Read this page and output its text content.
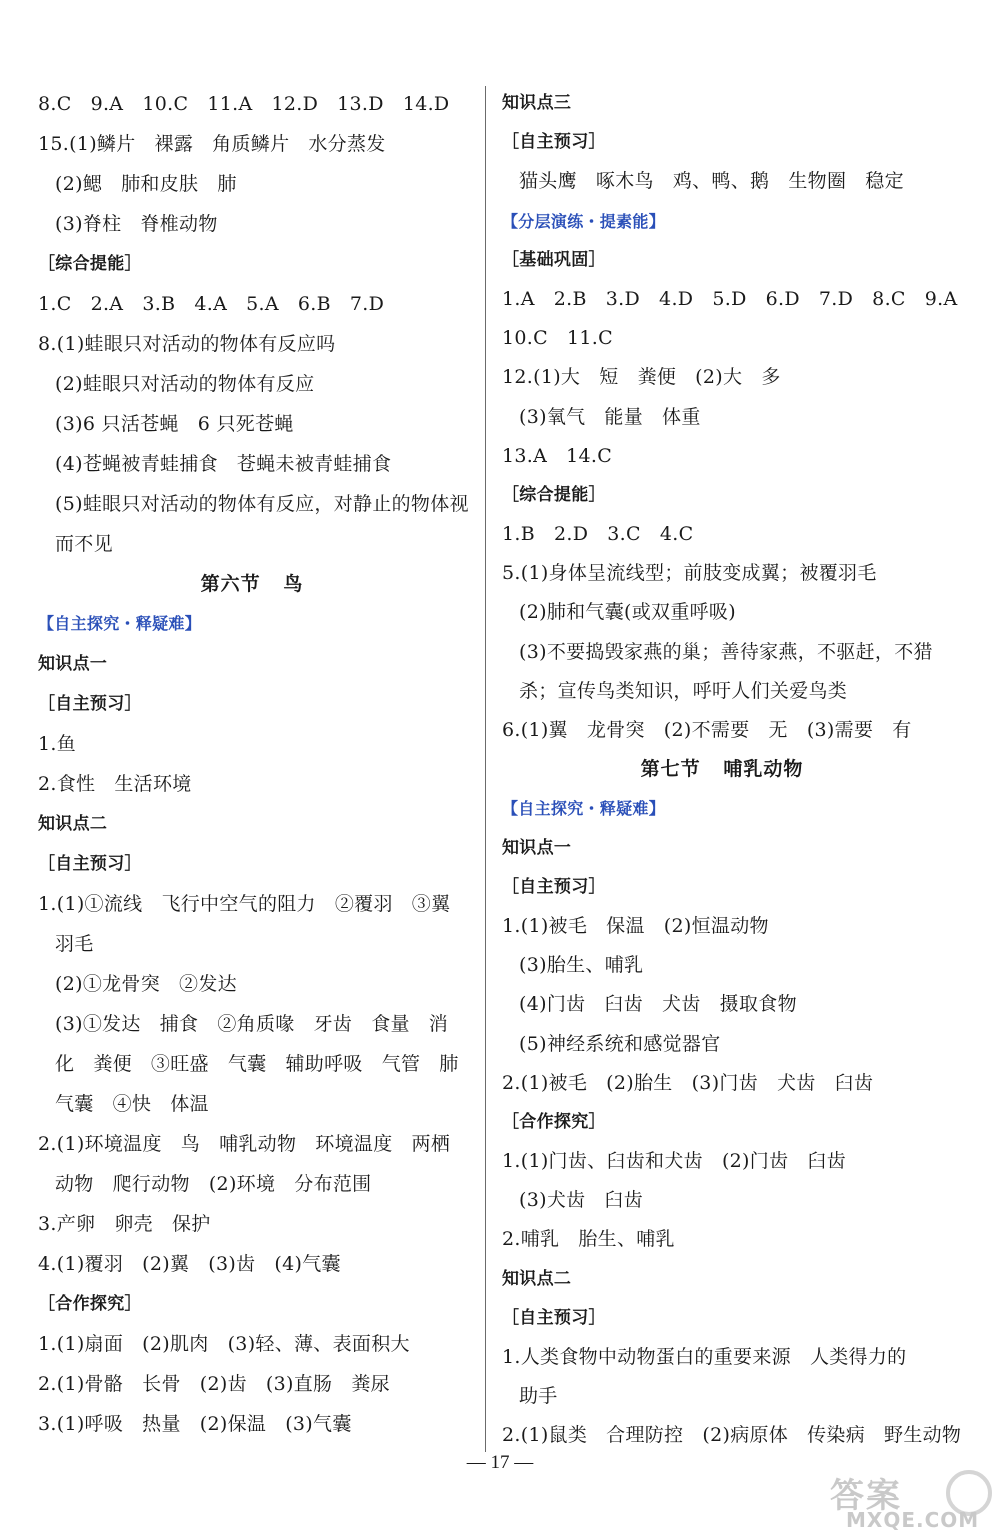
8.C   9.A   10.C   11.A   12.D   13.D   14.D
15.(1)鳞片   裸露   角质鳞片   水分蒸发
(2)鳃   肺和皮肤   肺
(3)脊柱   脊椎动物
［综合提能］
1.C   2.A   3.B   4.A   5.A   6.B   7.D
8.(1)蛙眼只对活动的物体有反应吗
(2)蛙眼只对活动的物体有反应
(3)6 只活苍蝇   6 只死苍蝇
(4)苍蝇被青蛙捕食   苍蝇未被青蛙捕食
(5)蛙眼只对活动的物体有反应，对静止的物体视
而不见
第六节   鸟
【自主探究・释疑难】
知识点一
［自主预习］
1.鱼
2.食性   生活环境
知识点二
［自主预习］
1.(1)①流线   飞行中空气的阻力   ②覆羽   ③翼
羽毛
(2)①龙骨突   ②发达
(3)①发达   捕食   ②角质喙   牙齿   食量   消
化   粪便   ③旺盛   气囊   辅助呼吸   气管   肺
气囊   ④快   体温
2.(1)环境温度   鸟   哺乳动物   环境温度   两栖
动物   爬行动物   (2)环境   分布范围
3.产卵   卵壳   保护
4.(1)覆羽   (2)翼   (3)齿   (4)气囊
［合作探究］
1.(1)扇面   (2)肌肉   (3)轻、薄、表面积大
2.(1)骨骼   长骨   (2)齿   (3)直肠   粪尿
3.(1)呼吸   热量   (2)保温   (3)气囊
知识点三
［自主预习］
猫头鹰   啄木鸟   鸡、鸭、鹅   生物圈   稳定
【分层演练・提素能】
［基础巩固］
1.A   2.B   3.D   4.D   5.D   6.D   7.D   8.C   9.A
10.C   11.C
12.(1)大   短   粪便   (2)大   多
(3)氧气   能量   体重
13.A   14.C
［综合提能］
1.B   2.D   3.C   4.C
5.(1)身体呈流线型；前肢变成翼；被覆羽毛
(2)肺和气囊(或双重呼吸)
(3)不要捣毁家燕的巢；善待家燕，不驱赶，不猎
杀；宣传鸟类知识，呼吁人们关爱鸟类
6.(1)翼   龙骨突   (2)不需要   无   (3)需要   有
第七节   哺乳动物
【自主探究・释疑难】
知识点一
［自主预习］
1.(1)被毛   保温   (2)恒温动物
(3)胎生、哺乳
(4)门齿   臼齿   犬齿   摄取食物
(5)神经系统和感觉器官
2.(1)被毛   (2)胎生   (3)门齿   犬齿   臼齿
［合作探究］
1.(1)门齿、臼齿和犬齿   (2)门齿   臼齿
(3)犬齿   臼齿
2.哺乳   胎生、哺乳
知识点二
［自主预习］
1.人类食物中动物蛋白的重要来源   人类得力的
助手
2.(1)鼠类   合理防控   (2)病原体   传染病   野生动物
— 17 —
答案
MXQE.COM
